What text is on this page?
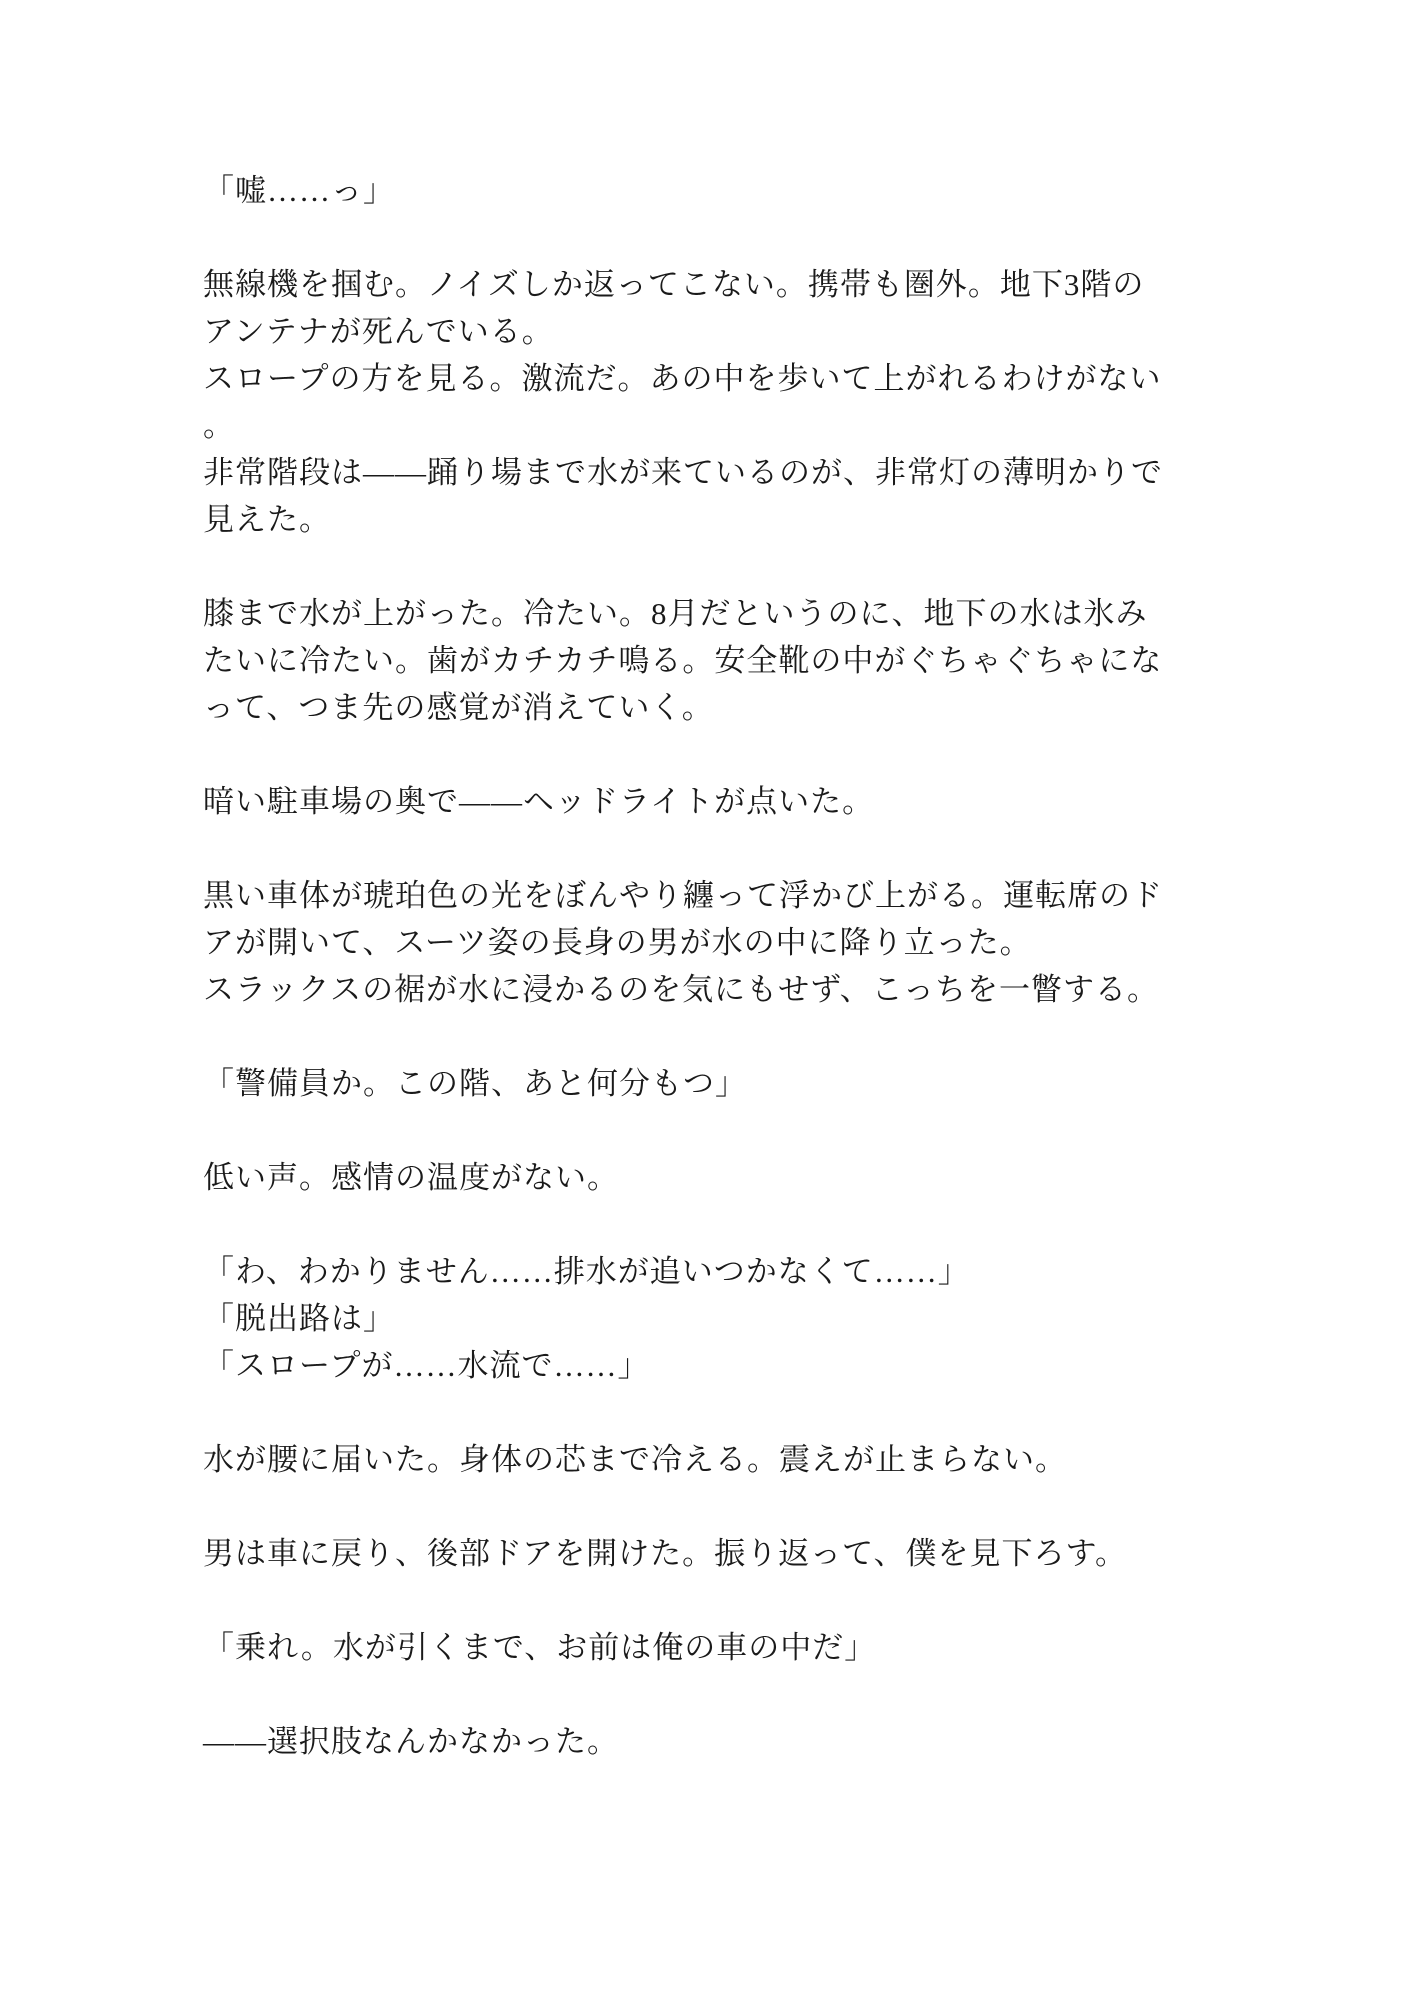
「嘘……っ」
無線機を掴む。ノイズしか返ってこない。携帯も圏外。地下3階の
アンテナが死んでいる。
スロープの方を見る。激流だ。あの中を歩いて上がれるわけがない
。
非常階段は——踊り場まで水が来ているのが、非常灯の薄明かりで
見えた。
膝まで水が上がった。冷たい。8月だというのに、地下の水は氷み
たいに冷たい。歯がカチカチ鳴る。安全靴の中がぐちゃぐちゃにな
って、つま先の感覚が消えていく。
暗い駐車場の奥で——ヘッドライトが点いた。
黒い車体が琥珀色の光をぼんやり纏って浮かび上がる。運転席のド
アが開いて、スーツ姿の長身の男が水の中に降り立った。
スラックスの裾が水に浸かるのを気にもせず、こっちを一瞥する。
「警備員か。この階、あと何分もつ」
低い声。感情の温度がない。
「わ、わかりません……排水が追いつかなくて……」
「脱出路は」
「スロープが……水流で……」
水が腰に届いた。身体の芯まで冷える。震えが止まらない。
男は車に戻り、後部ドアを開けた。振り返って、僕を見下ろす。
「乗れ。水が引くまで、お前は俺の車の中だ」
——選択肢なんかなかった。
